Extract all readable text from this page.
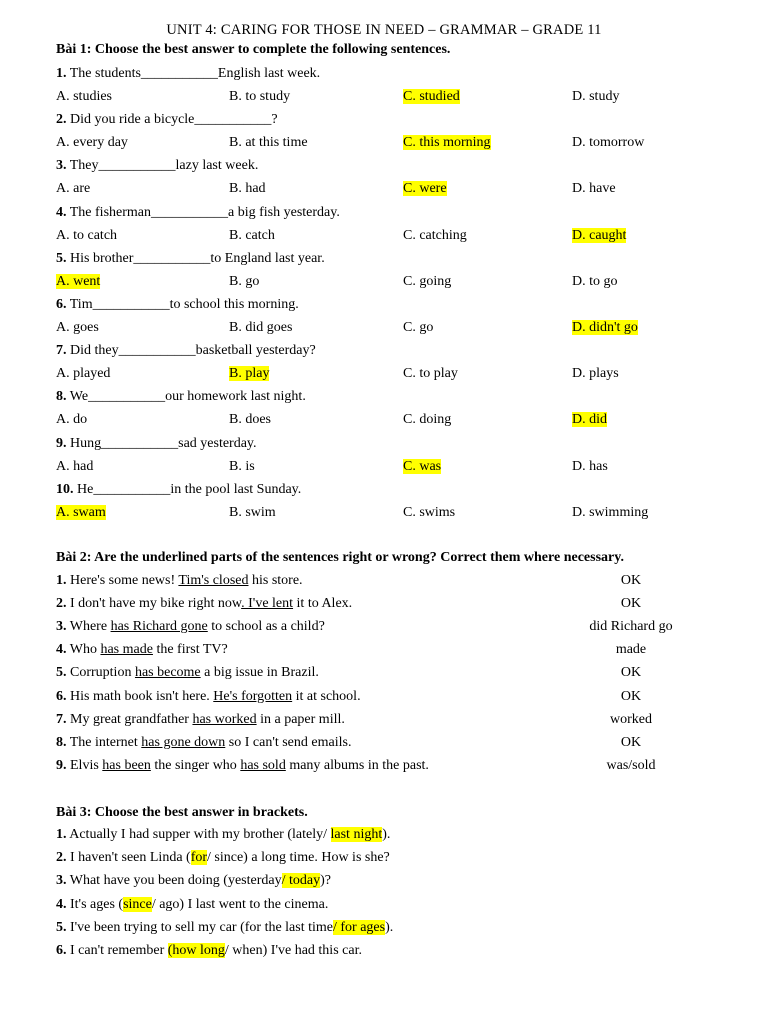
UNIT 4: CARING FOR THOSE IN NEED – GRAMMAR – GRADE 11
Bài 1: Choose the best answer to complete the following sentences.
Bài 2: Are the underlined parts of the sentences right or wrong? Correct them where necessary.
Bài 3: Choose the best answer in brackets.
1. The students___________English last week.
A. studies	B. to study	C. studied	D. study
2. Did you ride a bicycle___________?
A. every day	B. at this time	C. this morning	D. tomorrow
3. They___________lazy last week.
A. are	B. had	C. were	D. have
4. The fisherman___________a big fish yesterday.
A. to catch	B. catch	C. catching	D. caught
5. His brother___________to England last year.
A. went	B. go	C. going	D. to go
6. Tim___________to school this morning.
A. goes	B. did goes	C. go	D. didn't go
7. Did they___________basketball yesterday?
A. played	B. play	C. to play	D. plays
8. We___________our homework last night.
A. do	B. does	C. doing	D. did
9. Hung___________sad yesterday.
A. had	B. is	C. was	D. has
10. He___________in the pool last Sunday.
A. swam	B. swim	C. swims	D. swimming
1. Here's some news! Tim's closed his store.	OK
2. I don't have my bike right now. I've lent it to Alex.	OK
3. Where has Richard gone to school as a child?	did Richard go
4. Who has made the first TV?	made
5. Corruption has become a big issue in Brazil.	OK
6. His math book isn't here. He's forgotten it at school.	OK
7. My great grandfather has worked in a paper mill.	worked
8. The internet has gone down so I can't send emails.	OK
9. Elvis has been the singer who has sold many albums in the past.	was/sold
1. Actually I had supper with my brother (lately/ last night).
2. I haven't seen Linda (for/ since) a long time. How is she?
3. What have you been doing (yesterday/ today)?
4. It's ages (since/ ago) I last went to the cinema.
5. I've been trying to sell my car (for the last time/ for ages).
6. I can't remember (how long/ when) I've had this car.
